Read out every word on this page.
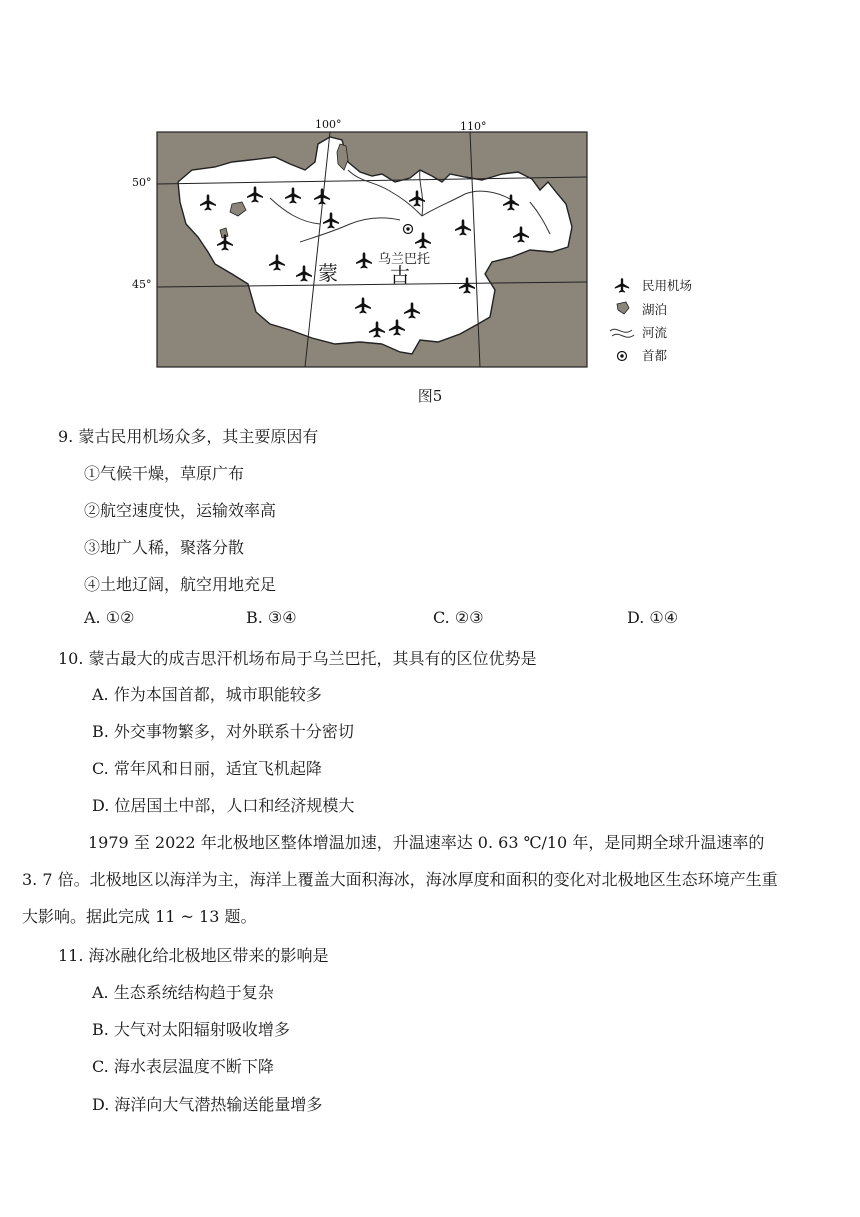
乌兰巴托
蒙	古
100°	110°
50°
45°	民用机场
湖泊
河流
首都
图5
9. 蒙古民用机场众多，其主要原因有
①气候干燥，草原广布
②航空速度快，运输效率高
③地广人稀，聚落分散
④土地辽阔，航空用地充足
A. ①②	B. ③④	C. ②③	D. ①④
10. 蒙古最大的成吉思汗机场布局于乌兰巴托，其具有的区位优势是
A. 作为本国首都，城市职能较多
B. 外交事物繁多，对外联系十分密切
C. 常年风和日丽，适宜飞机起降
D. 位居国土中部，人口和经济规模大
1979 至 2022 年北极地区整体增温加速，升温速率达 0. 63 ℃/10 年，是同期全球升温速率的 3. 7 倍。北极地区以海洋为主，海洋上覆盖大面积海冰，海冰厚度和面积的变化对北极地区生态环境产生重大影响。据此完成 11 ~ 13 题。
11. 海冰融化给北极地区带来的影响是
A. 生态系统结构趋于复杂
B. 大气对太阳辐射吸收增多
C. 海水表层温度不断下降
D. 海洋向大气潜热输送能量增多
